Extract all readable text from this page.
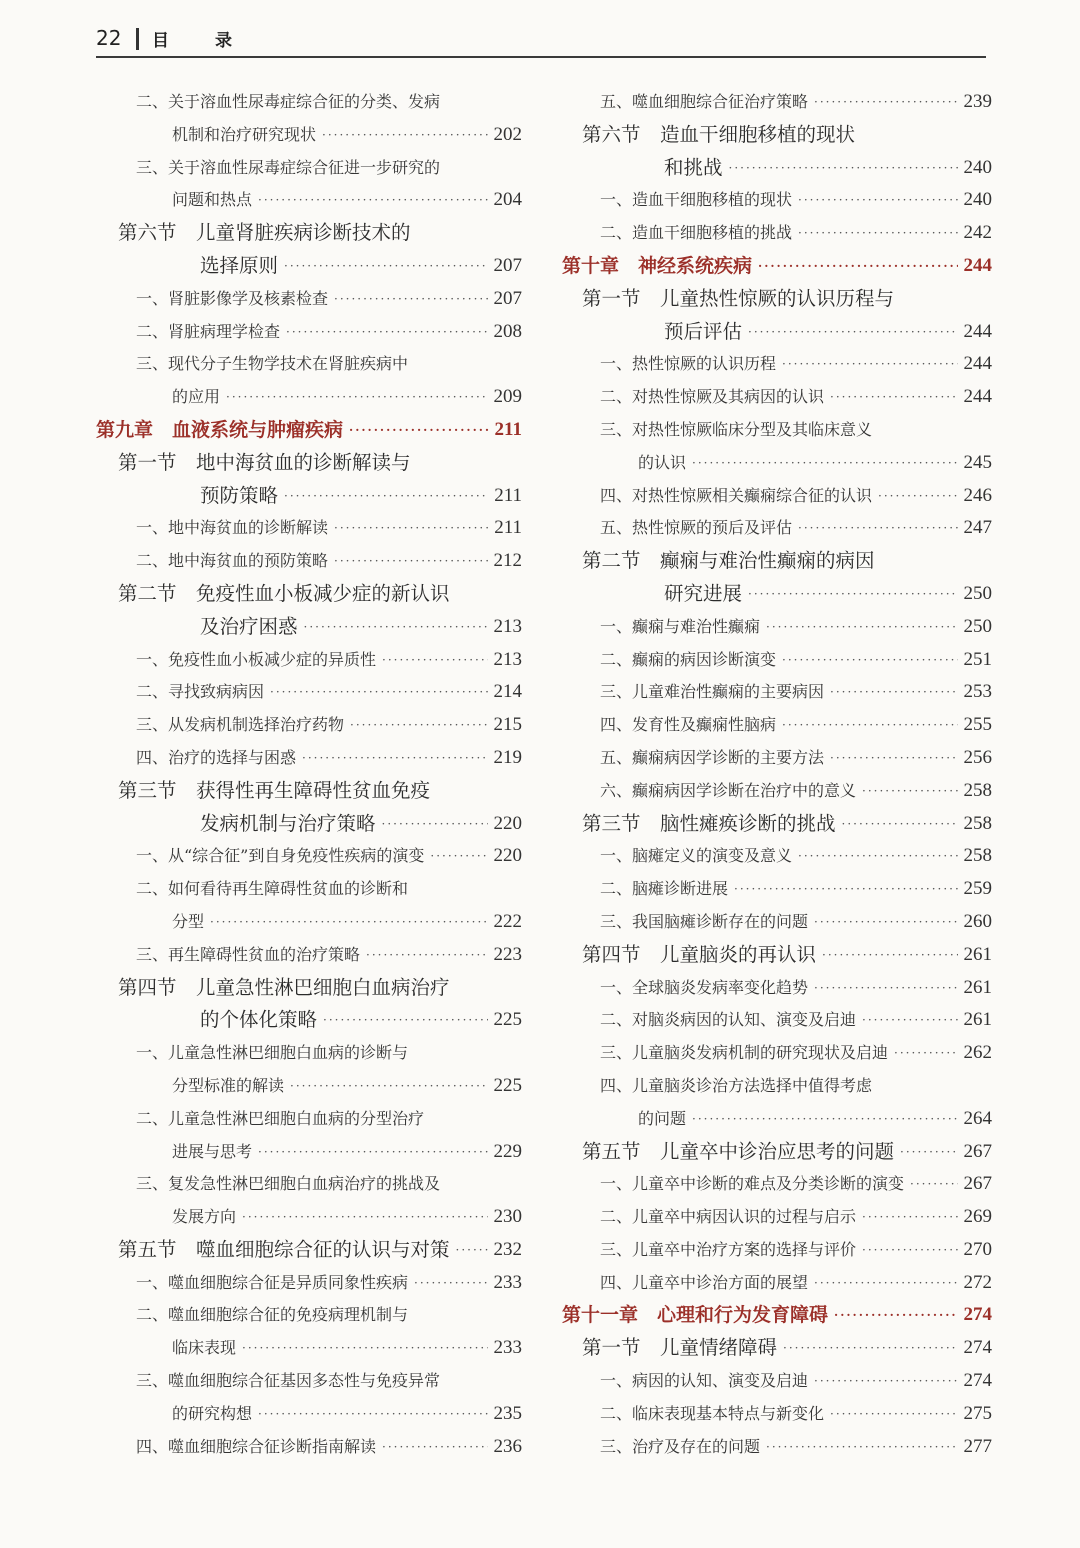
22 目录
二、关于溶血性尿毒症综合征的分类、发病
机制和治疗研究现状 ·····	202
三、关于溶血性尿毒症综合征进一步研究的
问题和热点 ·····	204
第六节　儿童肾脏疾病诊断技术的
选择原则 ·····	207
一、肾脏影像学及核素检查 ·····	207
二、肾脏病理学检查 ·····	208
三、现代分子生物学技术在肾脏疾病中
的应用 ·····	209
第九章　血液系统与肿瘤疾病 ·····	211
第一节　地中海贫血的诊断解读与
预防策略 ·····	211
一、地中海贫血的诊断解读 ·····	211
二、地中海贫血的预防策略 ·····	212
第二节　免疫性血小板减少症的新认识
及治疗困惑 ·····	213
一、免疫性血小板减少症的异质性 ·····	213
二、寻找致病病因 ·····	214
三、从发病机制选择治疗药物 ·····	215
四、治疗的选择与困惑 ·····	219
第三节　获得性再生障碍性贫血免疫
发病机制与治疗策略 ·····	220
一、从“综合征”到自身免疫性疾病的演变 ·····	220
二、如何看待再生障碍性贫血的诊断和
分型 ·····	222
三、再生障碍性贫血的治疗策略 ·····	223
第四节　儿童急性淋巴细胞白血病治疗
的个体化策略 ·····	225
一、儿童急性淋巴细胞白血病的诊断与
分型标准的解读 ·····	225
二、儿童急性淋巴细胞白血病的分型治疗
进展与思考 ·····	229
三、复发急性淋巴细胞白血病治疗的挑战及
发展方向 ·····	230
第五节　噬血细胞综合征的认识与对策 ····· 232
一、噬血细胞综合征是异质同象性疾病 ·····	233
二、噬血细胞综合征的免疫病理机制与
临床表现 ·····	233
三、噬血细胞综合征基因多态性与免疫异常
的研究构想 ·····	235
四、噬血细胞综合征诊断指南解读 ·····	236
五、噬血细胞综合征治疗策略 ·····	239
第六节　造血干细胞移植的现状
和挑战 ·····	240
一、造血干细胞移植的现状 ·····	240
二、造血干细胞移植的挑战 ·····	242
第十章　神经系统疾病 ·····	244
第一节　儿童热性惊厥的认识历程与
预后评估 ·····	244
一、热性惊厥的认识历程 ·····	244
二、对热性惊厥及其病因的认识 ·····	244
三、对热性惊厥临床分型及其临床意义
的认识 ·····	245
四、对热性惊厥相关癫痫综合征的认识 ·····	246
五、热性惊厥的预后及评估 ·····	247
第二节　癫痫与难治性癫痫的病因
研究进展 ·····	250
一、癫痫与难治性癫痫 ·····	250
二、癫痫的病因诊断演变 ·····	251
三、儿童难治性癫痫的主要病因 ·····	253
四、发育性及癫痫性脑病 ·····	255
五、癫痫病因学诊断的主要方法 ·····	256
六、癫痫病因学诊断在治疗中的意义 ·····	258
第三节　脑性瘫痪诊断的挑战 ·····	258
一、脑瘫定义的演变及意义 ·····	258
二、脑瘫诊断进展 ·····	259
三、我国脑瘫诊断存在的问题 ·····	260
第四节　儿童脑炎的再认识 ·····	261
一、全球脑炎发病率变化趋势 ·····	261
二、对脑炎病因的认知、演变及启迪 ·····	261
三、儿童脑炎发病机制的研究现状及启迪 ·····	262
四、儿童脑炎诊治方法选择中值得考虑
的问题 ·····	264
第五节　儿童卒中诊治应思考的问题 ·····	267
一、儿童卒中诊断的难点及分类诊断的演变 ·····	267
二、儿童卒中病因认识的过程与启示 ·····	269
三、儿童卒中治疗方案的选择与评价 ·····	270
四、儿童卒中诊治方面的展望 ·····	272
第十一章　心理和行为发育障碍 ·····	274
第一节　儿童情绪障碍 ·····	274
一、病因的认知、演变及启迪 ·····	274
二、临床表现基本特点与新变化 ·····	275
三、治疗及存在的问题 ·····	277
